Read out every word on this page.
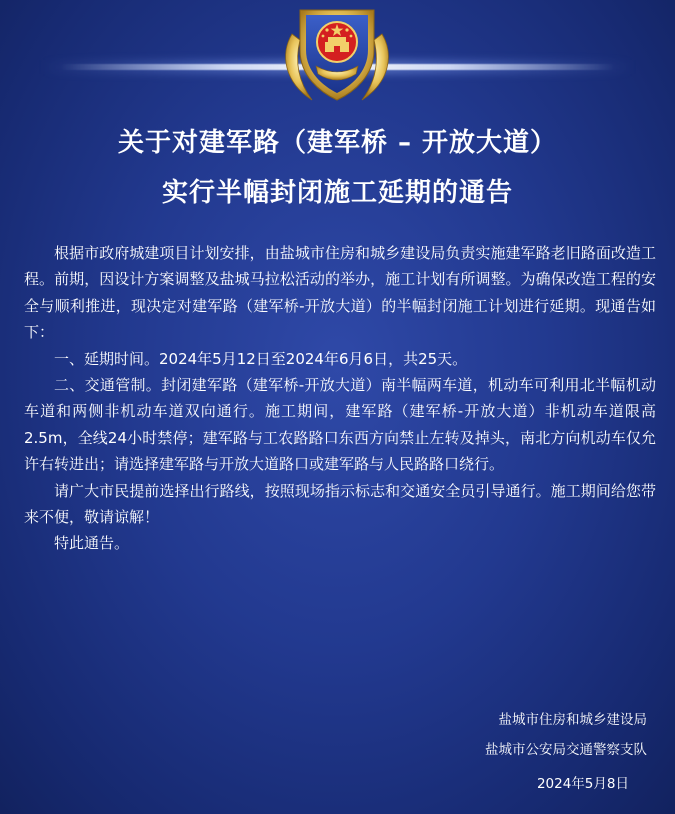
关于对建军路（建军桥 – 开放大道）
实行半幅封闭施工延期的通告

根据市政府城建项目计划安排，由盐城市住房和城乡建设局负责实施建军路老旧路面改造工程。前期，因设计方案调整及盐城马拉松活动的举办，施工计划有所调整。为确保改造工程的安全与顺利推进，现决定对建军路（建军桥-开放大道）的半幅封闭施工计划进行延期。现通告如下：

一、延期时间。2024年5月12日至2024年6月6日，共25天。

二、交通管制。封闭建军路（建军桥-开放大道）南半幅两车道，机动车可利用北半幅机动车道和两侧非机动车道双向通行。施工期间，建军路（建军桥-开放大道）非机动车道限高2.5m，全线24小时禁停；建军路与工农路路口东西方向禁止左转及掉头，南北方向机动车仅允许右转进出；请选择建军路与开放大道路口或建军路与人民路路口绕行。

请广大市民提前选择出行路线，按照现场指示标志和交通安全员引导通行。施工期间给您带来不便，敬请谅解！

特此通告。

盐城市住房和城乡建设局
盐城市公安局交通警察支队
2024年5月8日
